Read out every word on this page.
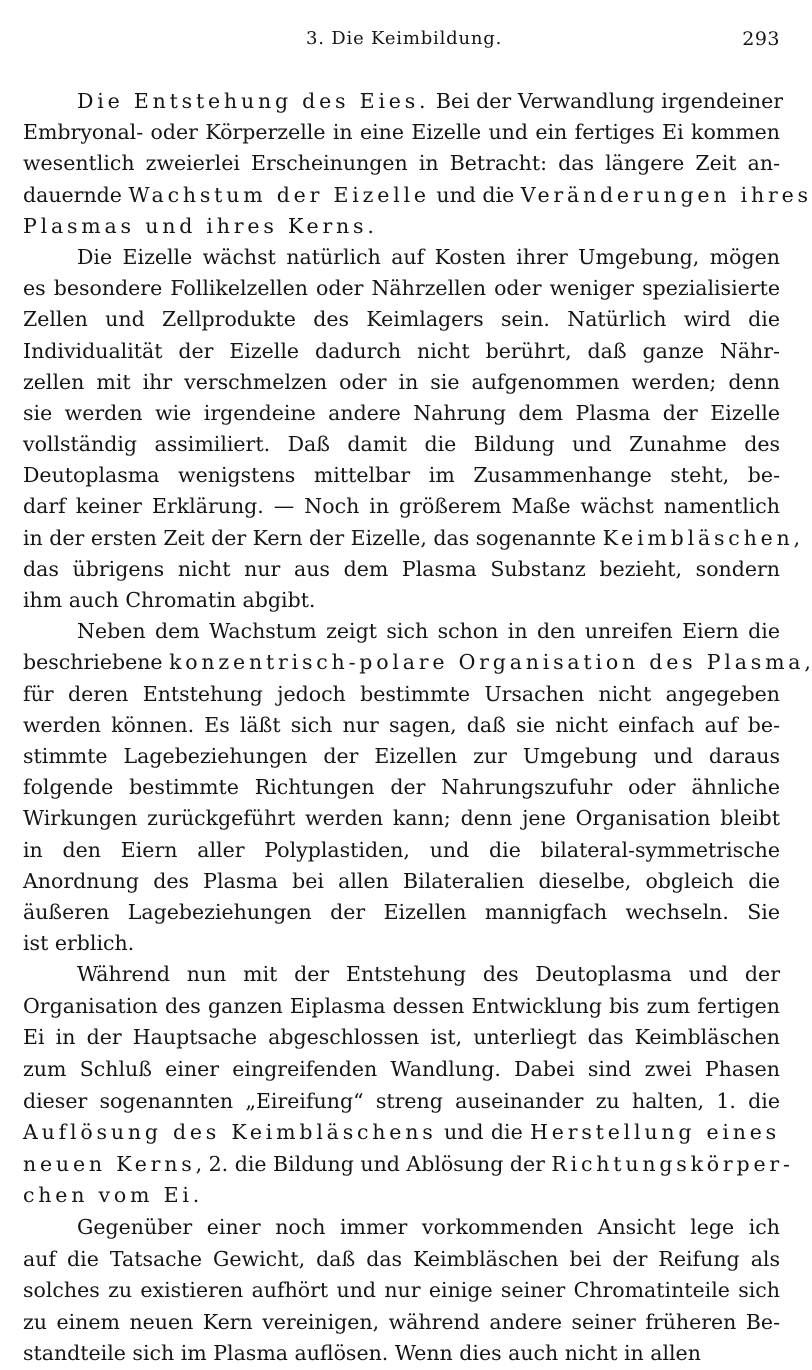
3. Die Keimbildung.	293
Die Entstehung des Eies. Bei der Verwandlung irgendeiner
Embryonal- oder Körperzelle in eine Eizelle und ein fertiges Ei kommen
wesentlich zweierlei Erscheinungen in Betracht: das längere Zeit an-
dauernde Wachstum der Eizelle und die Veränderungen ihres
Plasmas und ihres Kerns.
Die Eizelle wächst natürlich auf Kosten ihrer Umgebung, mögen
es besondere Follikelzellen oder Nährzellen oder weniger spezialisierte
Zellen und Zellprodukte des Keimlagers sein. Natürlich wird die
Individualität der Eizelle dadurch nicht berührt, daß ganze Nähr-
zellen mit ihr verschmelzen oder in sie aufgenommen werden; denn
sie werden wie irgendeine andere Nahrung dem Plasma der Eizelle
vollständig assimiliert. Daß damit die Bildung und Zunahme des
Deutoplasma wenigstens mittelbar im Zusammenhange steht, be-
darf keiner Erklärung. — Noch in größerem Maße wächst namentlich
in der ersten Zeit der Kern der Eizelle, das sogenannte Keimbläschen,
das übrigens nicht nur aus dem Plasma Substanz bezieht, sondern
ihm auch Chromatin abgibt.
Neben dem Wachstum zeigt sich schon in den unreifen Eiern die
beschriebene konzentrisch-polare Organisation des Plasma,
für deren Entstehung jedoch bestimmte Ursachen nicht angegeben
werden können. Es läßt sich nur sagen, daß sie nicht einfach auf be-
stimmte Lagebeziehungen der Eizellen zur Umgebung und daraus
folgende bestimmte Richtungen der Nahrungszufuhr oder ähnliche
Wirkungen zurückgeführt werden kann; denn jene Organisation bleibt
in den Eiern aller Polyplastiden, und die bilateral-symmetrische
Anordnung des Plasma bei allen Bilateralien dieselbe, obgleich die
äußeren Lagebeziehungen der Eizellen mannigfach wechseln. Sie
ist erblich.
Während nun mit der Entstehung des Deutoplasma und der
Organisation des ganzen Eiplasma dessen Entwicklung bis zum fertigen
Ei in der Hauptsache abgeschlossen ist, unterliegt das Keimbläschen
zum Schluß einer eingreifenden Wandlung. Dabei sind zwei Phasen
dieser sogenannten „Eireifung“ streng auseinander zu halten, 1. die
Auflösung des Keimbläschens und die Herstellung eines
neuen Kerns, 2. die Bildung und Ablösung der Richtungskörper-
chen vom Ei.
Gegenüber einer noch immer vorkommenden Ansicht lege ich
auf die Tatsache Gewicht, daß das Keimbläschen bei der Reifung als
solches zu existieren aufhört und nur einige seiner Chromatinteile sich
zu einem neuen Kern vereinigen, während andere seiner früheren Be-
standteile sich im Plasma auflösen. Wenn dies auch nicht in allen
